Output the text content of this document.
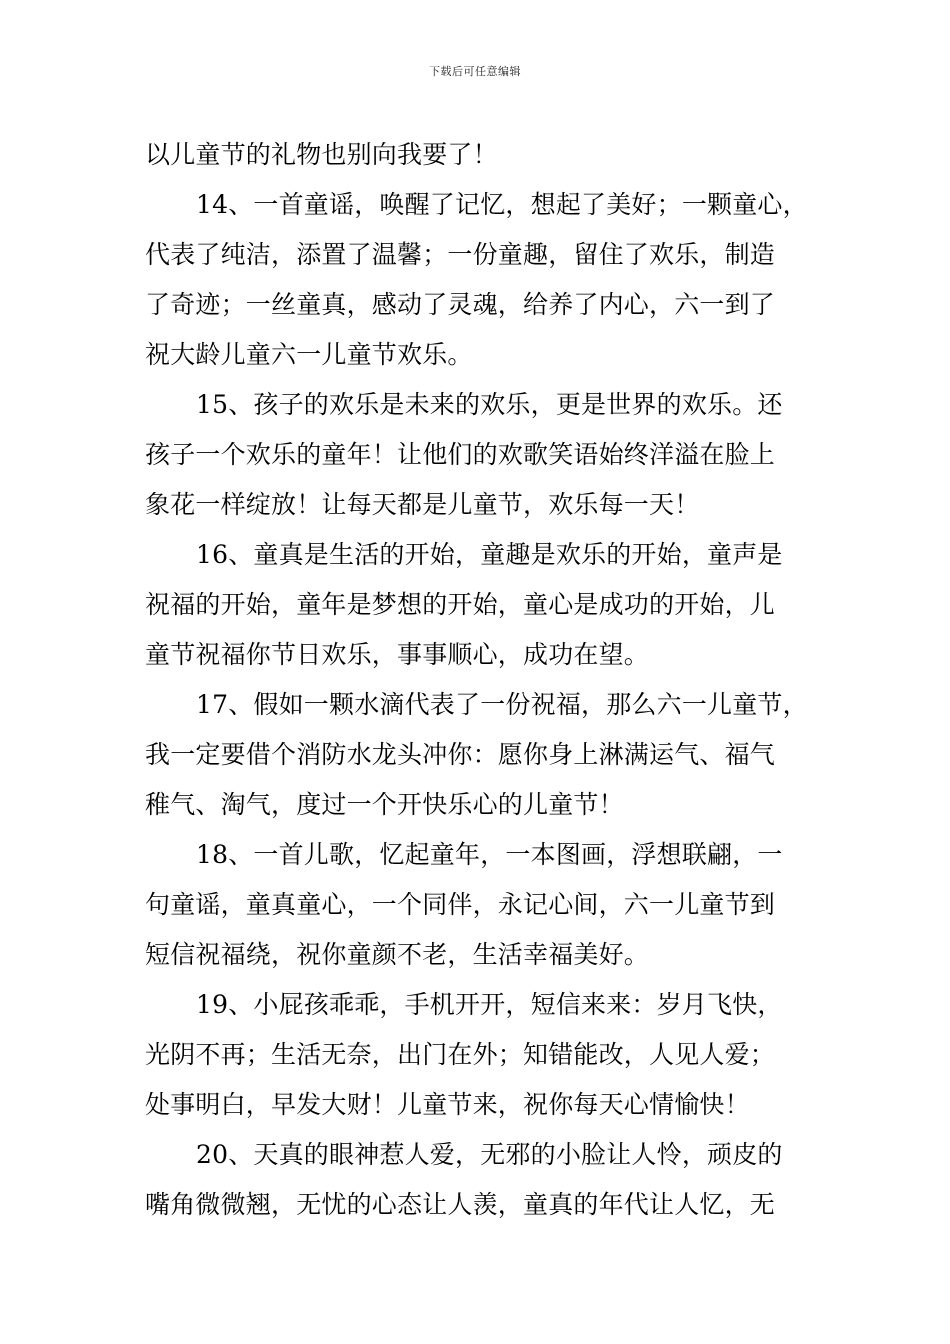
下载后可任意编辑
以儿童节的礼物也别向我要了！
14、一首童谣，唤醒了记忆，想起了美好；一颗童心，
代表了纯洁，添置了温馨；一份童趣，留住了欢乐，制造
了奇迹；一丝童真，感动了灵魂，给养了内心，六一到了
祝大龄儿童六一儿童节欢乐。
15、孩子的欢乐是未来的欢乐，更是世界的欢乐。还
孩子一个欢乐的童年！让他们的欢歌笑语始终洋溢在脸上
象花一样绽放！让每天都是儿童节，欢乐每一天！
16、童真是生活的开始，童趣是欢乐的开始，童声是
祝福的开始，童年是梦想的开始，童心是成功的开始，儿
童节祝福你节日欢乐，事事顺心，成功在望。
17、假如一颗水滴代表了一份祝福，那么六一儿童节，
我一定要借个消防水龙头冲你：愿你身上淋满运气、福气
稚气、淘气，度过一个开快乐心的儿童节！
18、一首儿歌，忆起童年，一本图画，浮想联翩，一
句童谣，童真童心，一个同伴，永记心间，六一儿童节到
短信祝福绕，祝你童颜不老，生活幸福美好。
19、小屁孩乖乖，手机开开，短信来来：岁月飞快，
光阴不再；生活无奈，出门在外；知错能改，人见人爱；
处事明白，早发大财！儿童节来，祝你每天心情愉快！
20、天真的眼神惹人爱，无邪的小脸让人怜，顽皮的
嘴角微微翘，无忧的心态让人羡，童真的年代让人忆，无
